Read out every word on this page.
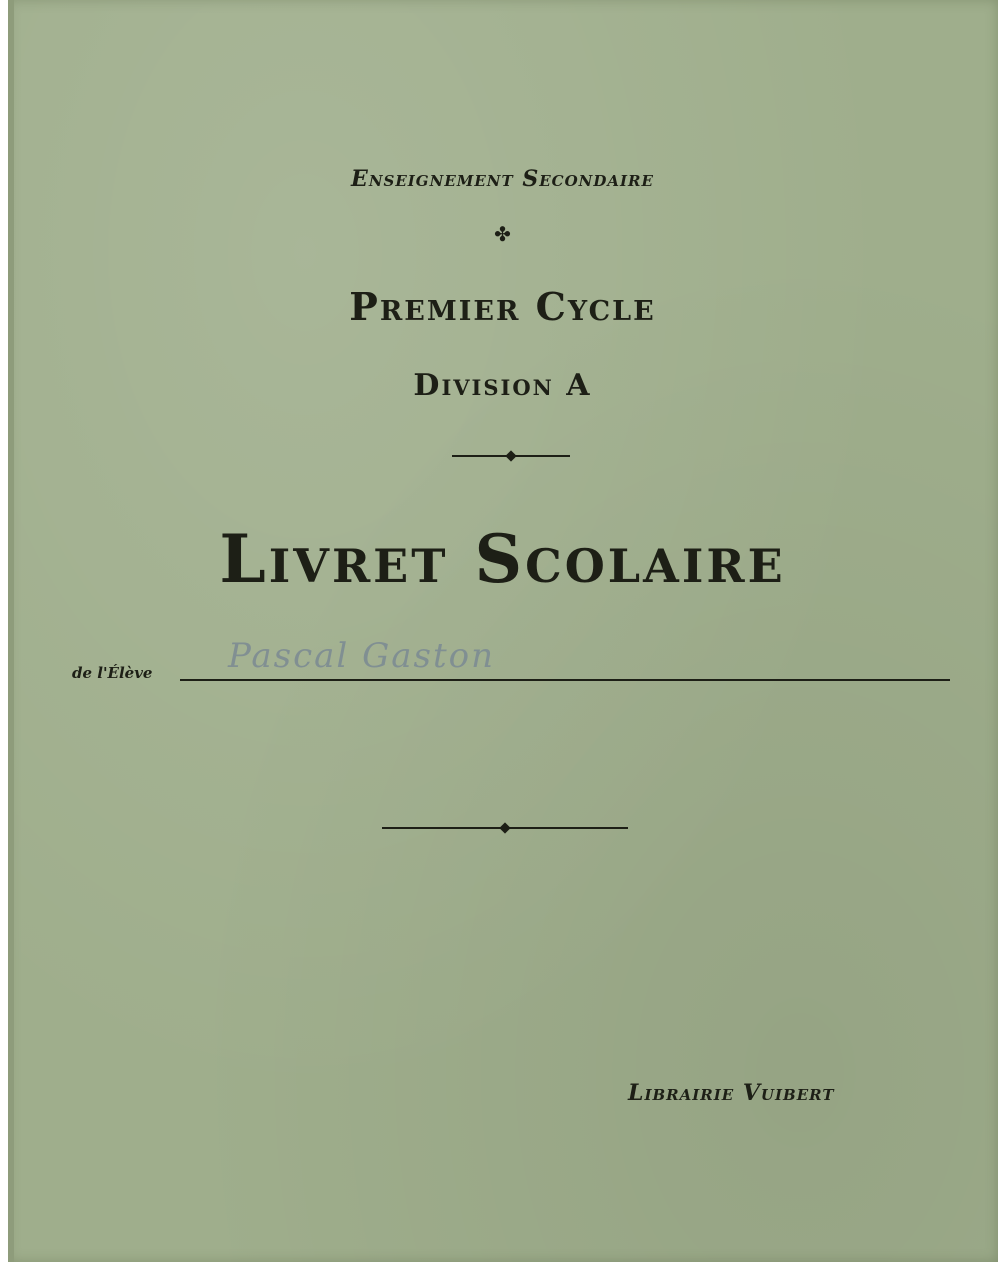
Enseignement Secondaire
✤
Premier Cycle
Division A
Livret Scolaire
de l'Élève Pascal Gaston
Librairie Vuibert
